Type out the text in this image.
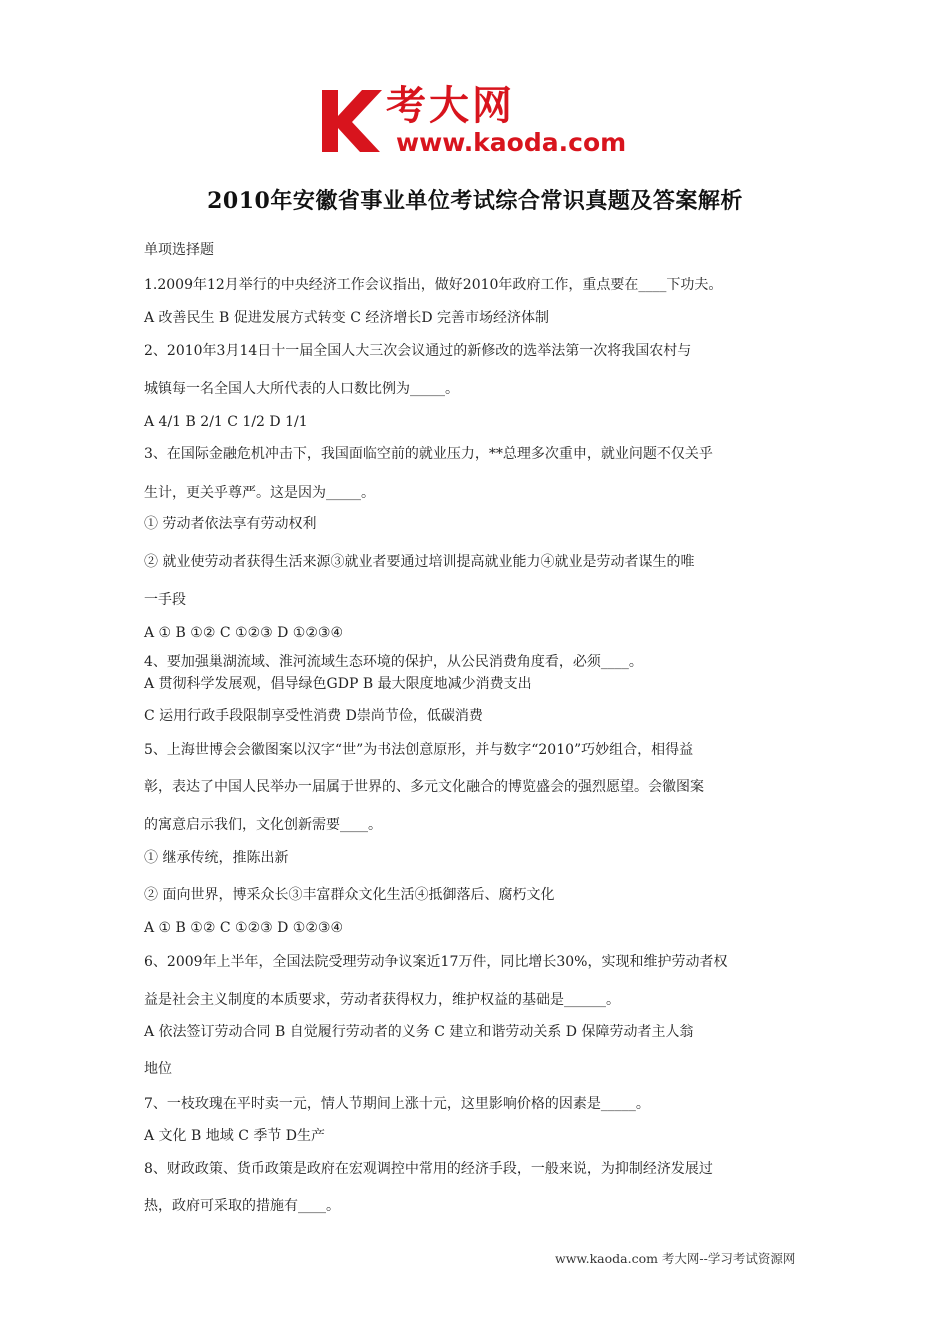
考大网
www.kaoda.com
2010年安徽省事业单位考试综合常识真题及答案解析
单项选择题
1.2009年12月举行的中央经济工作会议指出，做好2010年政府工作，重点要在____下功夫。
A 改善民生 B 促进发展方式转变 C 经济增长D 完善市场经济体制
2、2010年3月14日十一届全国人大三次会议通过的新修改的选举法第一次将我国农村与
城镇每一名全国人大所代表的人口数比例为_____。
A 4/1 B 2/1 C 1/2 D 1/1
3、在国际金融危机冲击下，我国面临空前的就业压力，**总理多次重申，就业问题不仅关乎
生计，更关乎尊严。这是因为_____。
① 劳动者依法享有劳动权利
② 就业使劳动者获得生活来源③就业者要通过培训提高就业能力④就业是劳动者谋生的唯
一手段
A ① B ①② C ①②③ D ①②③④
4、要加强巢湖流域、淮河流域生态环境的保护，从公民消费角度看，必须____。
A 贯彻科学发展观，倡导绿色GDP B 最大限度地减少消费支出
C 运用行政手段限制享受性消费 D崇尚节俭，低碳消费
5、上海世博会会徽图案以汉字“世”为书法创意原形，并与数字“2010”巧妙组合，相得益
彰，表达了中国人民举办一届属于世界的、多元文化融合的博览盛会的强烈愿望。会徽图案
的寓意启示我们，文化创新需要____。
① 继承传统，推陈出新
② 面向世界，博采众长③丰富群众文化生活④抵御落后、腐朽文化
A ① B ①② C ①②③ D ①②③④
6、2009年上半年，全国法院受理劳动争议案近17万件，同比增长30%，实现和维护劳动者权
益是社会主义制度的本质要求，劳动者获得权力，维护权益的基础是______。
A 依法签订劳动合同 B 自觉履行劳动者的义务 C 建立和谐劳动关系 D 保障劳动者主人翁
地位
7、一枝玫瑰在平时卖一元，情人节期间上涨十元，这里影响价格的因素是_____。
A 文化 B 地域 C 季节 D生产
8、财政政策、货币政策是政府在宏观调控中常用的经济手段，一般来说，为抑制经济发展过
热，政府可采取的措施有____。
www.kaoda.com 考大网--学习考试资源网
